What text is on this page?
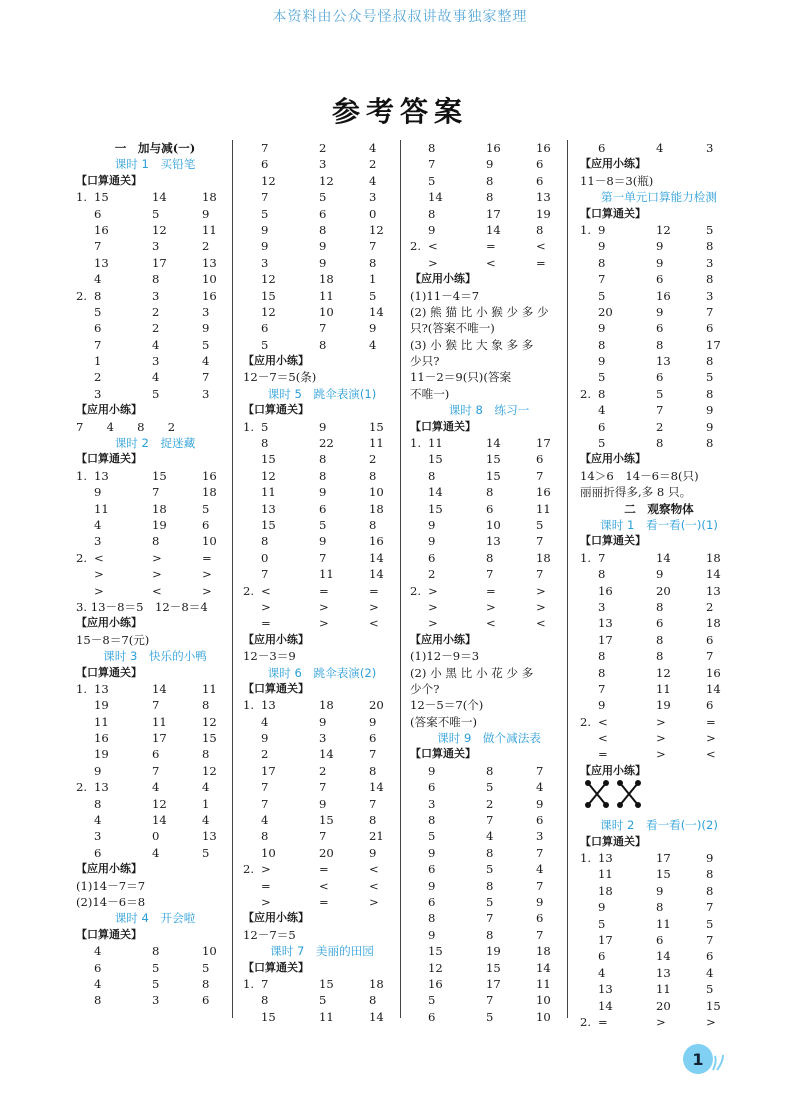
本资料由公众号怪叔叔讲故事独家整理
参考答案
一　加与减(一)
课时 1　买铅笔
【口算通关】
1. 15	14	18
6	5	9
16	12	11
7	3	2
13	17	13
4	8	10
2. 8	3	16
5	2	3
6	2	9
7	4	5
1	3	4
2	4	7
3	5	3
【应用小练】
7　　4　　8　　2
课时 2　捉迷藏
【口算通关】
1. 13	15	16
9	7	18
11	18	5
4	19	6
3	8	10
2. <	>	=
>	>	>
>	<	>
3. 13－8＝5　12－8＝4
【应用小练】
15－8＝7(元)
课时 3　快乐的小鸭
【口算通关】
1. 13	14	11
19	7	8
11	11	12
16	17	15
19	6	8
9	7	12
2. 13	4	4
8	12	1
4	14	4
3	0	13
6	4	5
【应用小练】
(1)14－7＝7
(2)14－6＝8
课时 4　开会啦
【口算通关】
4	8	10
6	5	5
4	5	8
8	3	6
7	2	4
6	3	2
12	12	4
7	5	3
5	6	0
9	8	12
9	9	7
3	9	8
12	18	1
15	11	5
12	10	14
6	7	9
5	8	4
【应用小练】
12－7＝5(条)
课时 5　跳伞表演(1)
【口算通关】
1. 5	9	15
8	22	11
15	8	2
12	8	8
11	9	10
13	6	18
15	5	8
8	9	16
0	7	14
7	11	14
2. <	=	=
>	>	>
=	>	<
【应用小练】
12－3＝9
课时 6　跳伞表演(2)
【口算通关】
1. 13	18	20
4	9	9
9	3	6
2	14	7
17	2	8
7	7	14
7	9	7
4	15	8
8	7	21
10	20	9
2. >	=	<
=	<	<
>	=	>
【应用小练】
12－7＝5
课时 7　美丽的田园
【口算通关】
1. 7	15	18
8	5	8
15	11	14
8	16	16
7	9	6
5	8	6
14	8	13
8	17	19
9	14	8
2. <	=	<
>	<	=
【应用小练】
(1)11－4＝7
(2) 熊 猫 比 小 猴 少 多 少
只?(答案不唯一)
(3) 小 猴 比 大 象 多 多
少只?
11－2＝9(只)(答案
不唯一)
课时 8　练习一
【口算通关】
1. 11	14	17
15	15	6
8	15	7
14	8	16
15	6	11
9	10	5
9	13	7
6	8	18
2	7	7
2. >	=	>
>	>	>
>	<	<
【应用小练】
(1)12－9＝3
(2) 小 黑 比 小 花 少 多
少个?
12－5＝7(个)
(答案不唯一)
课时 9　做个减法表
【口算通关】
9	8	7
6	5	4
3	2	9
8	7	6
5	4	3
9	8	7
6	5	4
9	8	7
6	5	9
8	7	6
9	8	7
15	19	18
12	15	14
16	17	11
5	7	10
6	5	10
6	4	3
【应用小练】
11－8＝3(瓶)
第一单元口算能力检测
【口算通关】
1. 9	12	5
9	9	8
8	9	3
7	6	8
5	16	3
20	9	7
9	6	6
8	8	17
9	13	8
5	6	5
2. 8	5	8
4	7	9
6	2	9
5	8	8
【应用小练】
14＞6　14－6＝8(只)
丽丽折得多,多 8 只。
二　观察物体
课时 1　看一看(一)(1)
【口算通关】
1. 7	14	18
8	9	14
16	20	13
3	8	2
13	6	18
17	8	6
8	8	7
8	12	16
7	11	14
9	19	6
2. <	>	=
<	>	>
=	>	<
【应用小练】
课时 2　看一看(一)(2)
【口算通关】
1. 13	17	9
11	15	8
18	9	8
9	8	7
5	11	5
17	6	7
6	14	6
4	13	4
13	11	5
14	20	15
2. =	>	>
1
